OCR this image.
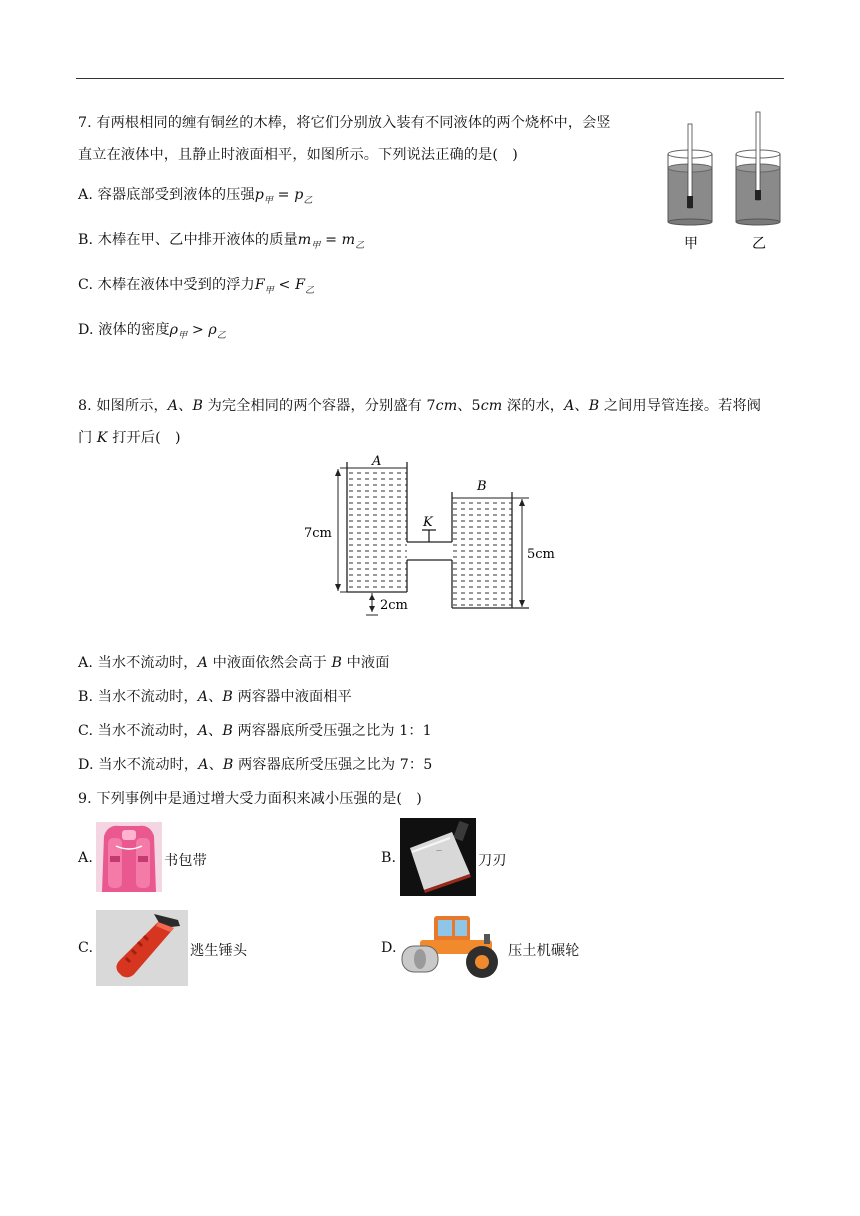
7. 有两根相同的缠有铜丝的木棒，将它们分别放入装有不同液体的两个烧杯中，会竖
直立在液体中，且静止时液面相平，如图所示。下列说法正确的是(　)
A. 容器底部受到液体的压强$p_甲 = p_乙$
B. 木棒在甲、乙中排开液体的质量$m_甲 = m_乙$
C. 木棒在液体中受到的浮力$F_甲 < F_乙$
D. 液体的密度$\rho_甲 > \rho_乙$
甲	乙
8. 如图所示，A、B 为完全相同的两个容器，分别盛有 7cm、5cm 深的水，A、B 之间用导管连接。若将阀
门 K 打开后(　)
A
B
K
7cm
5cm
2cm
A. 当水不流动时，A 中液面依然会高于 B 中液面
B. 当水不流动时，A、B 两容器中液面相平
C. 当水不流动时，A、B 两容器底所受压强之比为 1：1
D. 当水不流动时，A、B 两容器底所受压强之比为 7：5
9. 下列事例中是通过增大受力面积来减小压强的是(　)
A.	书包带	B.	—
刀刃
C.	逃生锤头	D.	压土机碾轮
